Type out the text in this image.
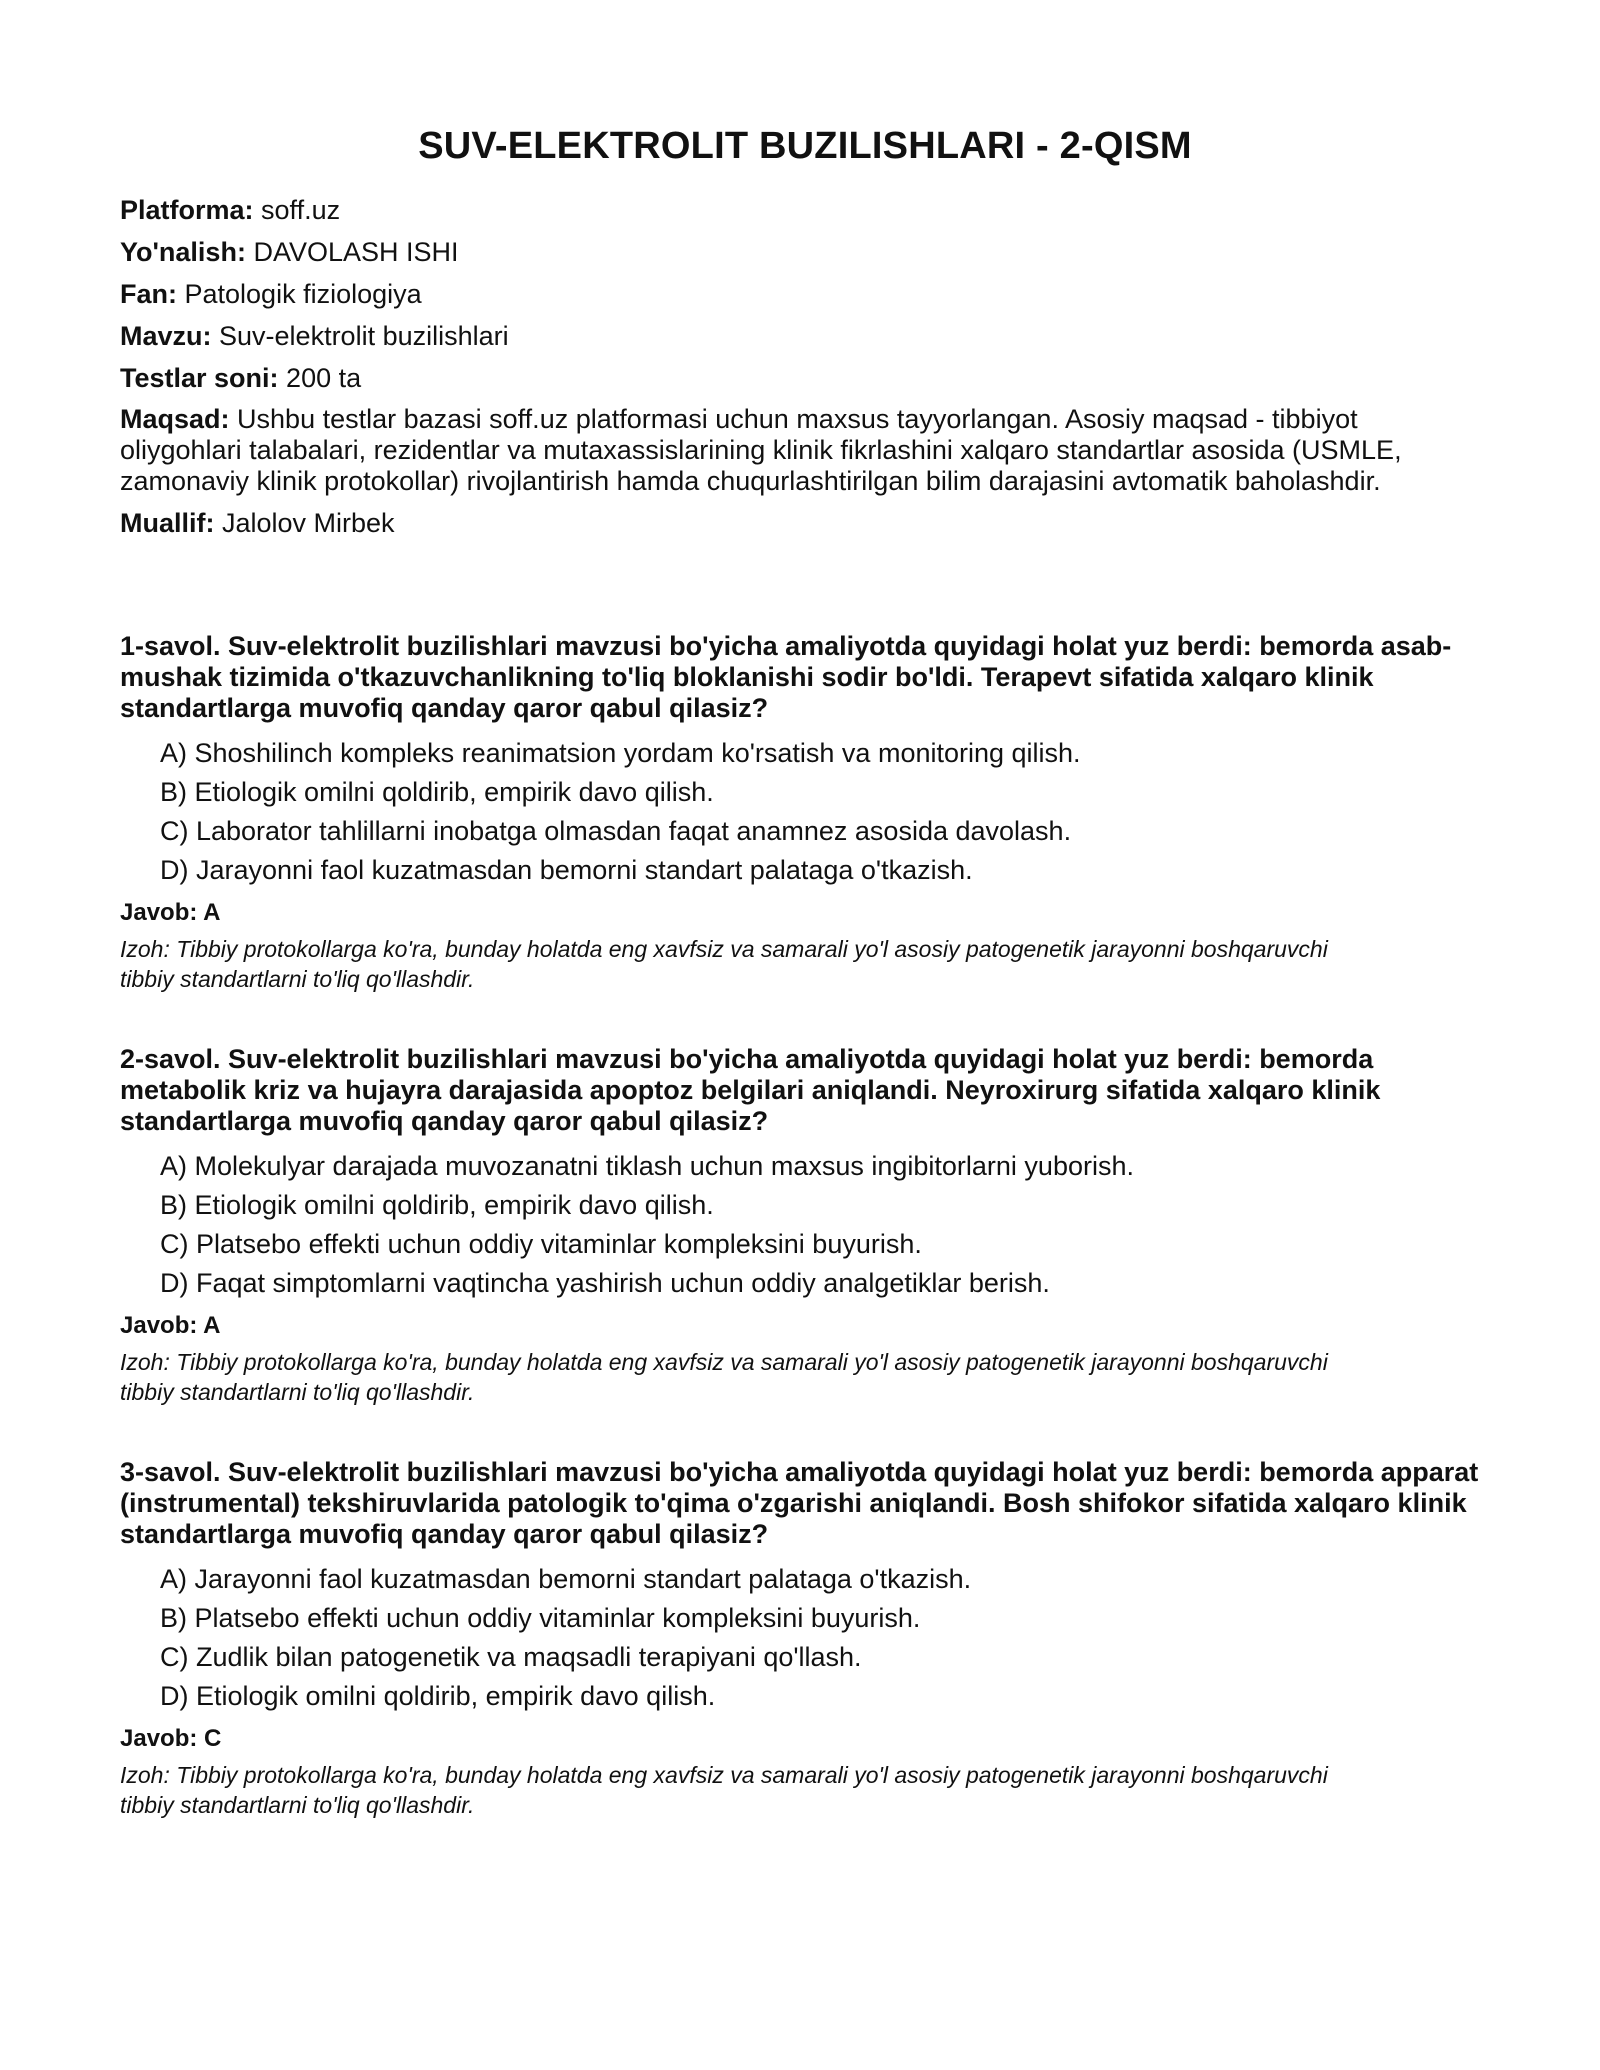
SUV-ELEKTROLIT BUZILISHLARI - 2-QISM
Platforma: soff.uz
Yo'nalish: DAVOLASH ISHI
Fan: Patologik fiziologiya
Mavzu: Suv-elektrolit buzilishlari
Testlar soni: 200 ta
Maqsad: Ushbu testlar bazasi soff.uz platformasi uchun maxsus tayyorlangan. Asosiy maqsad - tibbiyot oliygohlari talabalari, rezidentlar va mutaxassislarining klinik fikrlashini xalqaro standartlar asosida (USMLE, zamonaviy klinik protokollar) rivojlantirish hamda chuqurlashtirilgan bilim darajasini avtomatik baholashdir.
Muallif: Jalolov Mirbek

1-savol. Suv-elektrolit buzilishlari mavzusi bo'yicha amaliyotda quyidagi holat yuz berdi: bemorda asab-mushak tizimida o'tkazuvchanlikning to'liq bloklanishi sodir bo'ldi. Terapevt sifatida xalqaro klinik standartlarga muvofiq qanday qaror qabul qilasiz?

A) Shoshilinch kompleks reanimatsion yordam ko'rsatish va monitoring qilish.
B) Etiologik omilni qoldirib, empirik davo qilish.
C) Laborator tahlillarni inobatga olmasdan faqat anamnez asosida davolash.
D) Jarayonni faol kuzatmasdan bemorni standart palataga o'tkazish.
Javob: A
Izoh: Tibbiy protokollarga ko'ra, bunday holatda eng xavfsiz va samarali yo'l asosiy patogenetik jarayonni boshqaruvchi tibbiy standartlarni to'liq qo'llashdir.

2-savol. Suv-elektrolit buzilishlari mavzusi bo'yicha amaliyotda quyidagi holat yuz berdi: bemorda metabolik kriz va hujayra darajasida apoptoz belgilari aniqlandi. Neyroxirurg sifatida xalqaro klinik standartlarga muvofiq qanday qaror qabul qilasiz?

A) Molekulyar darajada muvozanatni tiklash uchun maxsus ingibitorlarni yuborish.
B) Etiologik omilni qoldirib, empirik davo qilish.
C) Platsebo effekti uchun oddiy vitaminlar kompleksini buyurish.
D) Faqat simptomlarni vaqtincha yashirish uchun oddiy analgetiklar berish.
Javob: A
Izoh: Tibbiy protokollarga ko'ra, bunday holatda eng xavfsiz va samarali yo'l asosiy patogenetik jarayonni boshqaruvchi tibbiy standartlarni to'liq qo'llashdir.

3-savol. Suv-elektrolit buzilishlari mavzusi bo'yicha amaliyotda quyidagi holat yuz berdi: bemorda apparat (instrumental) tekshiruvlarida patologik to'qima o'zgarishi aniqlandi. Bosh shifokor sifatida xalqaro klinik standartlarga muvofiq qanday qaror qabul qilasiz?

A) Jarayonni faol kuzatmasdan bemorni standart palataga o'tkazish.
B) Platsebo effekti uchun oddiy vitaminlar kompleksini buyurish.
C) Zudlik bilan patogenetik va maqsadli terapiyani qo'llash.
D) Etiologik omilni qoldirib, empirik davo qilish.
Javob: C
Izoh: Tibbiy protokollarga ko'ra, bunday holatda eng xavfsiz va samarali yo'l asosiy patogenetik jarayonni boshqaruvchi tibbiy standartlarni to'liq qo'llashdir.
